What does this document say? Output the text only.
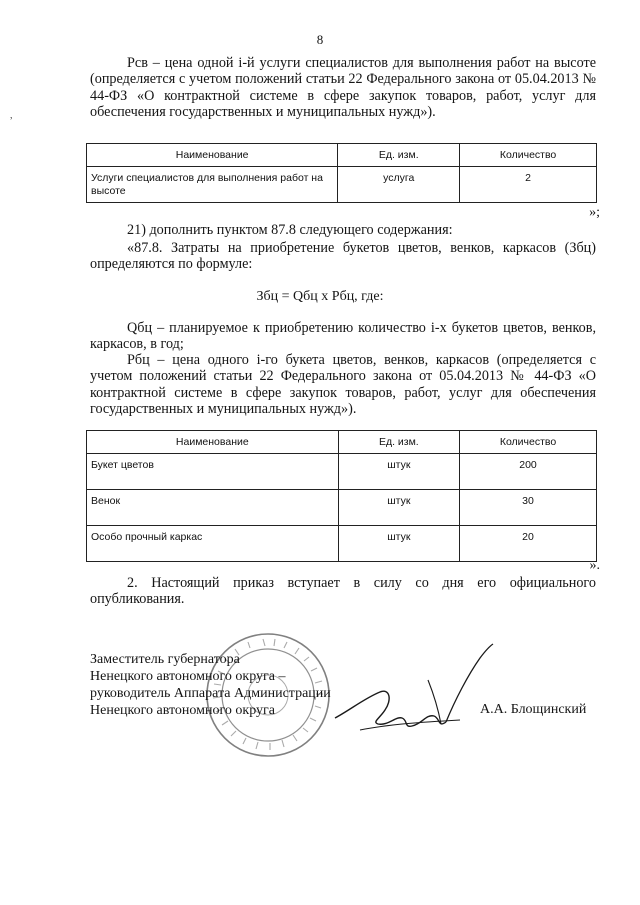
8
,
Pсв – цена одной i-й услуги специалистов для выполнения работ на высоте (определяется с учетом положений статьи 22 Федерального закона от 05.04.2013 № 44-ФЗ «О контрактной системе в сфере закупок товаров, работ, услуг для обеспечения государственных и муниципальных нужд»).
Наименование	Ед. изм.	Количество
Услуги специалистов для выполнения работ на высоте	услуга	2
»;
21) дополнить пунктом 87.8 следующего содержания:
«87.8. Затраты на приобретение букетов цветов, венков, каркасов (Збц) определяются по формуле:
Збц = Qбц x Pбц, где:
Qбц – планируемое к приобретению количество i-х букетов цветов, венков, каркасов, в год;
Pбц – цена одного i-го букета цветов, венков, каркасов (определяется с учетом положений статьи 22 Федерального закона от 05.04.2013 № 44-ФЗ «О контрактной системе в сфере закупок товаров, работ, услуг для обеспечения государственных и муниципальных нужд»).
Наименование	Ед. изм.	Количество
Букет цветов	штук	200
Венок	штук	30
Особо прочный каркас	штук	20
».
2. Настоящий приказ вступает в силу со дня его официального опубликования.
Заместитель губернатора
Ненецкого автономного округа –
руководитель Аппарата Администрации
Ненецкого автономного округа	А.А. Блощинский
